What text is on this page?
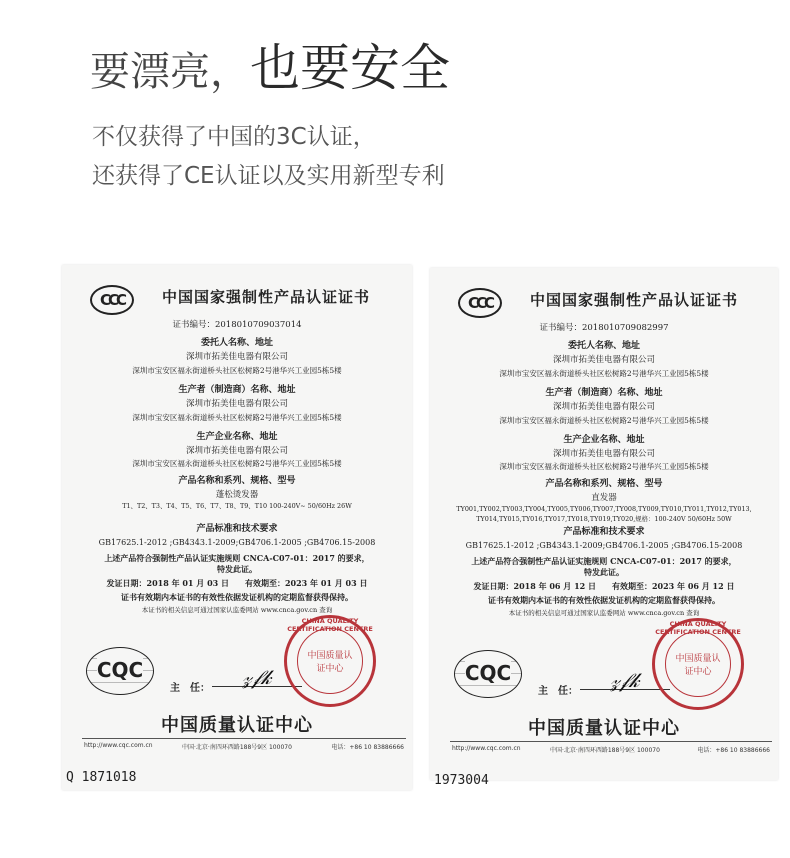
要漂亮，也要安全
不仅获得了中国的3C认证，
还获得了CE认证以及实用新型专利
CCC	中国国家强制性产品认证证书
证书编号：2018010709037014
委托人名称、地址
深圳市拓美佳电器有限公司
深圳市宝安区福永街道桥头社区松树路2号港华兴工业园5栋5楼
生产者（制造商）名称、地址
深圳市拓美佳电器有限公司
深圳市宝安区福永街道桥头社区松树路2号港华兴工业园5栋5楼
生产企业名称、地址
深圳市拓美佳电器有限公司
深圳市宝安区福永街道桥头社区松树路2号港华兴工业园5栋5楼
产品名称和系列、规格、型号
蓬松烫发器
T1、T2、T3、T4、T5、T6、T7、T8、T9、T10 100-240V~ 50/60Hz 26W
产品标准和技术要求
GB17625.1-2012 ;GB4343.1-2009;GB4706.1-2005 ;GB4706.15-2008
上述产品符合强制性产品认证实施规则 CNCA-C07-01：2017 的要求，
特发此证。
发证日期：2018 年 01 月 03 日　　有效期至：2023 年 01 月 03 日
证书有效期内本证书的有效性依据发证机构的定期监督获得保持。
本证书的相关信息可通过国家认监委网站 www.cnca.gov.cn 查询
CQC
主　任：	𝓏𝒻𝓀
CHINA QUALITY CERTIFICATION CENTRE
中国质量认证中心
中国质量认证中心
http://www.cqc.com.cn	中国·北京·南四环西路188号9区 100070	电话：+86 10 83886666
Q 1871018
CCC	中国国家强制性产品认证证书
证书编号：2018010709082997
委托人名称、地址
深圳市拓美佳电器有限公司
深圳市宝安区福永街道桥头社区松树路2号港华兴工业园5栋5楼
生产者（制造商）名称、地址
深圳市拓美佳电器有限公司
深圳市宝安区福永街道桥头社区松树路2号港华兴工业园5栋5楼
生产企业名称、地址
深圳市拓美佳电器有限公司
深圳市宝安区福永街道桥头社区松树路2号港华兴工业园5栋5楼
产品名称和系列、规格、型号
直发器
TY001,TY002,TY003,TY004,TY005,TY006,TY007,TY008,TY009,TY010,TY011,TY012,TY013,
TY014,TY015,TY016,TY017,TY018,TY019,TY020,规格：100-240V 50/60Hz 50W
产品标准和技术要求
GB17625.1-2012 ;GB4343.1-2009;GB4706.1-2005 ;GB4706.15-2008
上述产品符合强制性产品认证实施规则 CNCA-C07-01：2017 的要求，
特发此证。
发证日期：2018 年 06 月 12 日　　有效期至：2023 年 06 月 12 日
证书有效期内本证书的有效性依据发证机构的定期监督获得保持。
本证书的相关信息可通过国家认监委网站 www.cnca.gov.cn 查询
CQC
主　任：	𝓏𝒻𝓀
CHINA QUALITY CERTIFICATION CENTRE
中国质量认证中心
中国质量认证中心
http://www.cqc.com.cn	中国·北京·南四环西路188号9区 100070	电话：+86 10 83886666
1973004
